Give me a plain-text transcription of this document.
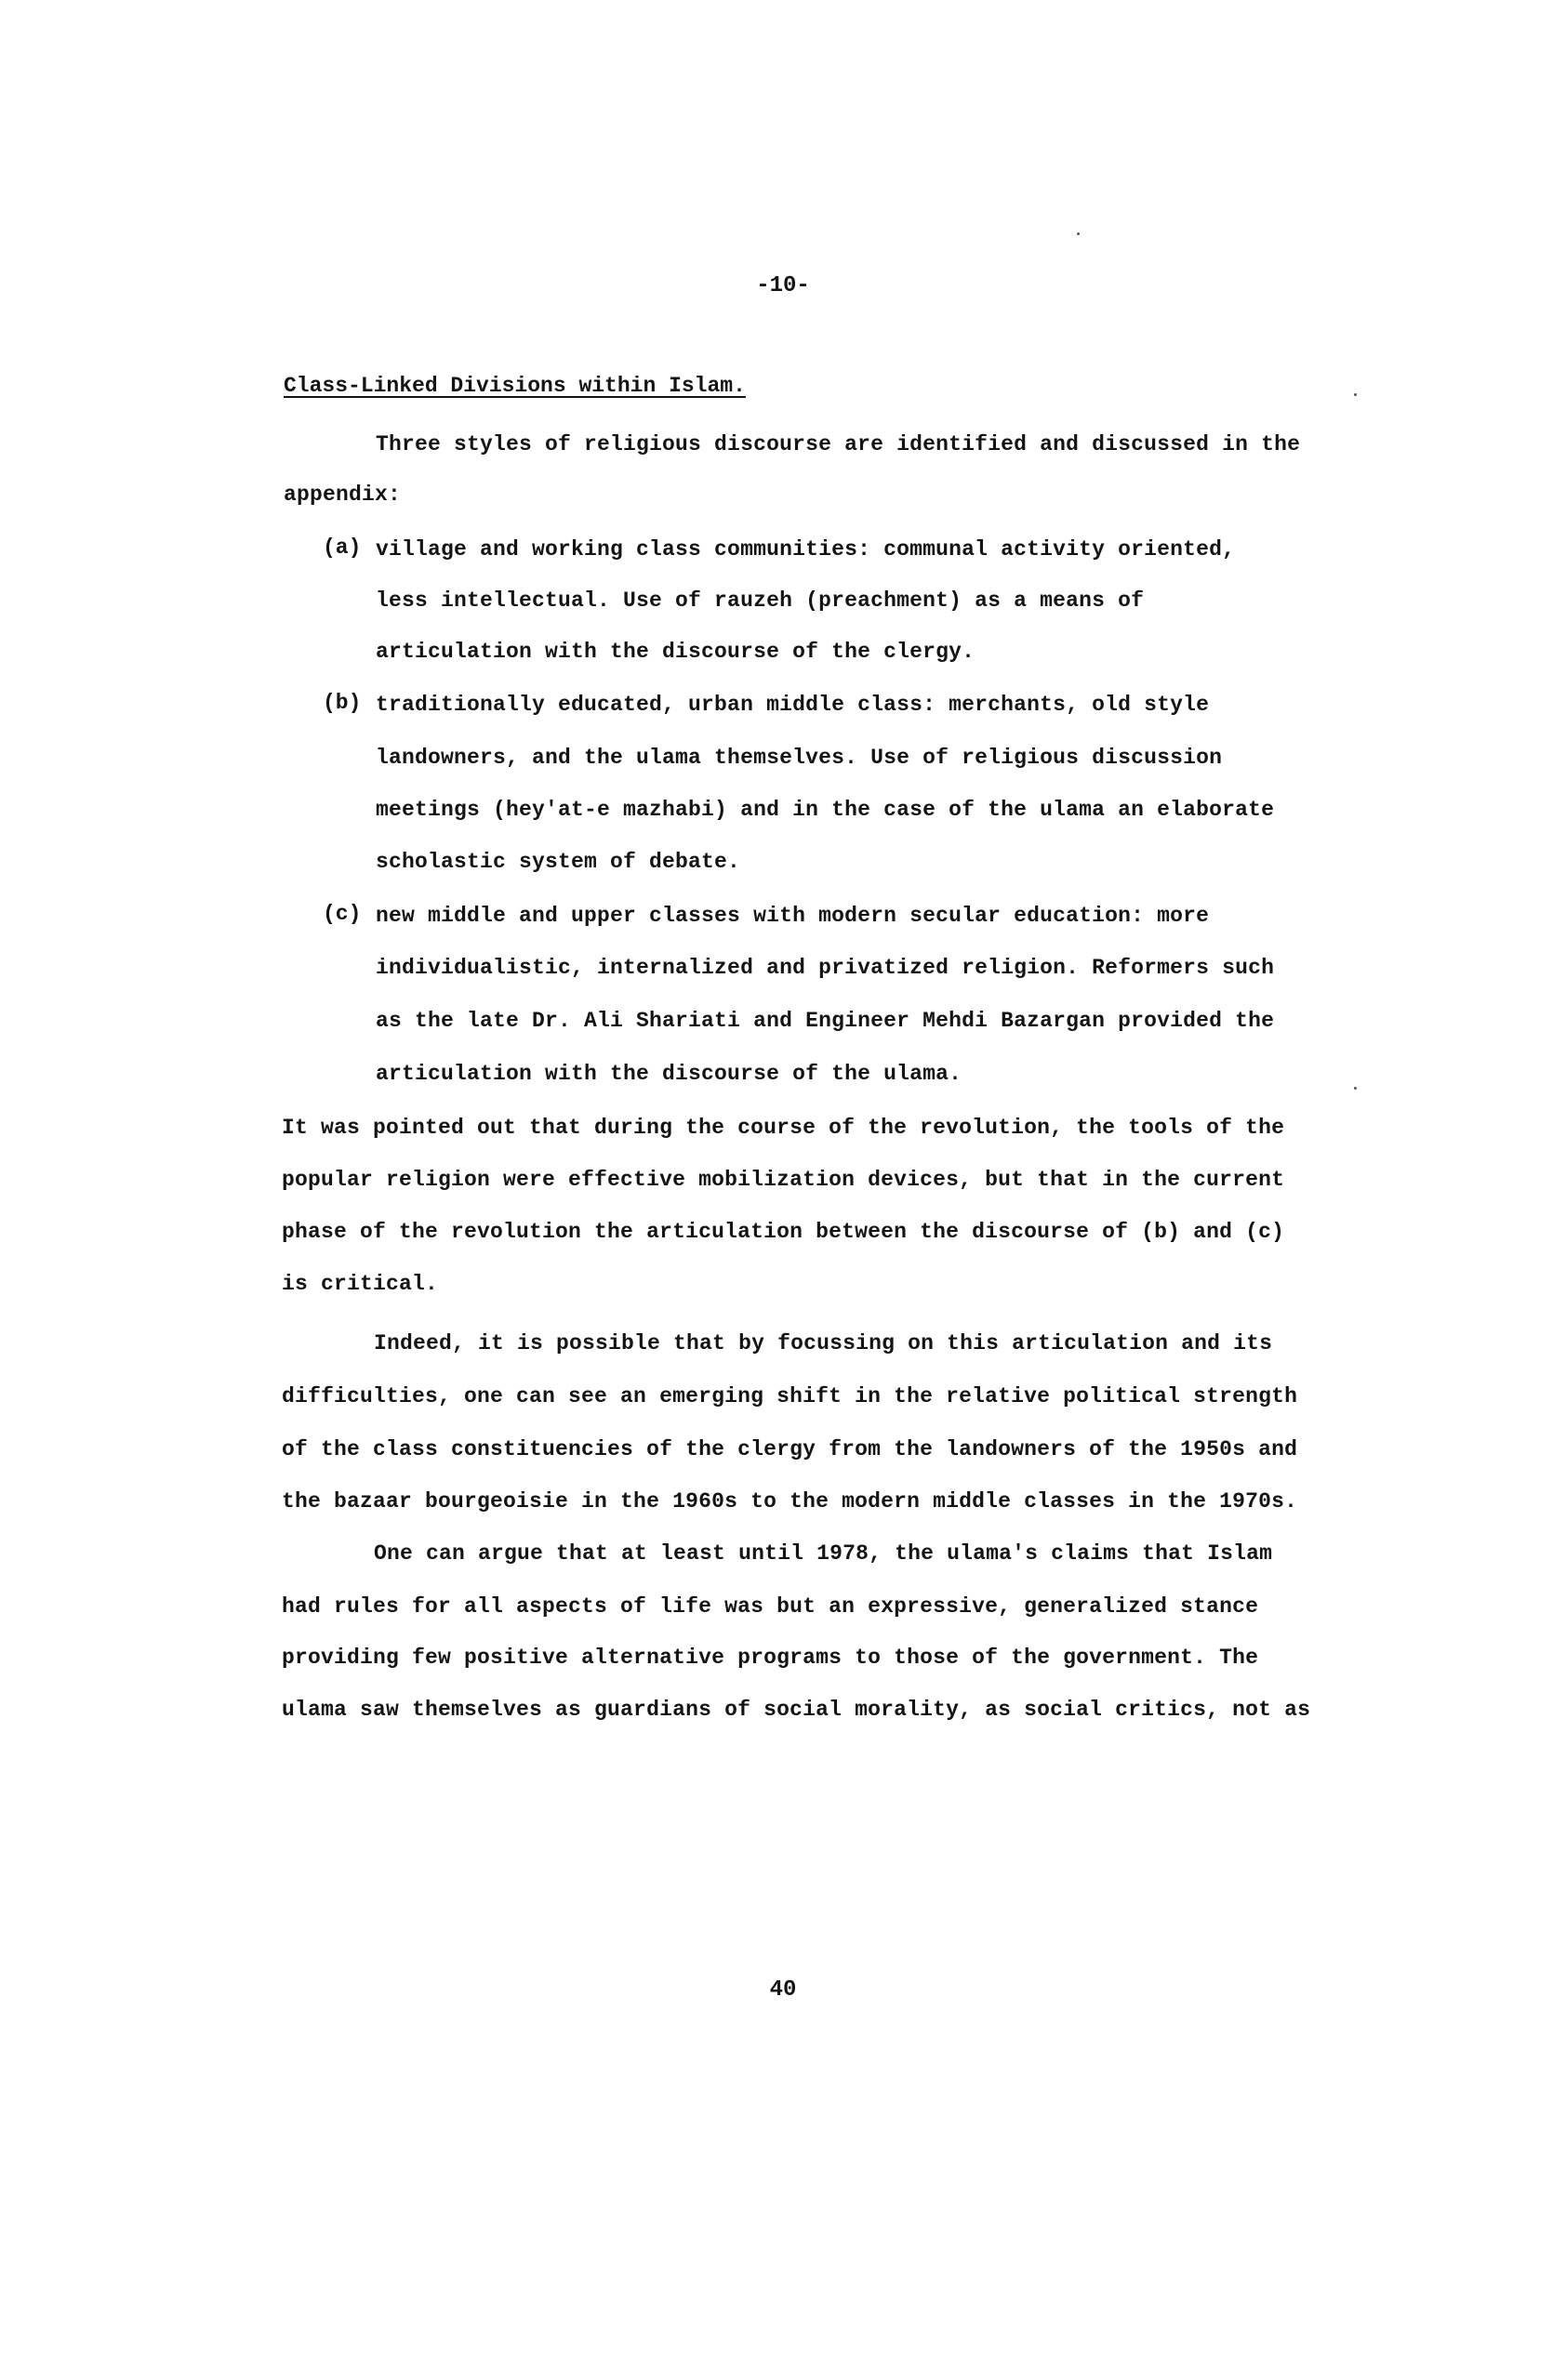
-10-
Class-Linked Divisions within Islam.
Three styles of religious discourse are identified and discussed in the
appendix:
(a) village and working class communities: communal activity oriented,
less intellectual. Use of rauzeh (preachment) as a means of
articulation with the discourse of the clergy.
(b) traditionally educated, urban middle class: merchants, old style
landowners, and the ulama themselves. Use of religious discussion
meetings (hey'at-e mazhabi) and in the case of the ulama an elaborate
scholastic system of debate.
(c) new middle and upper classes with modern secular education: more
individualistic, internalized and privatized religion. Reformers such
as the late Dr. Ali Shariati and Engineer Mehdi Bazargan provided the
articulation with the discourse of the ulama.
It was pointed out that during the course of the revolution, the tools of the
popular religion were effective mobilization devices, but that in the current
phase of the revolution the articulation between the discourse of (b) and (c)
is critical.
Indeed, it is possible that by focussing on this articulation and its
difficulties, one can see an emerging shift in the relative political strength
of the class constituencies of the clergy from the landowners of the 1950s and
the bazaar bourgeoisie in the 1960s to the modern middle classes in the 1970s.
One can argue that at least until 1978, the ulama's claims that Islam
had rules for all aspects of life was but an expressive, generalized stance
providing few positive alternative programs to those of the government. The
ulama saw themselves as guardians of social morality, as social critics, not as
40
